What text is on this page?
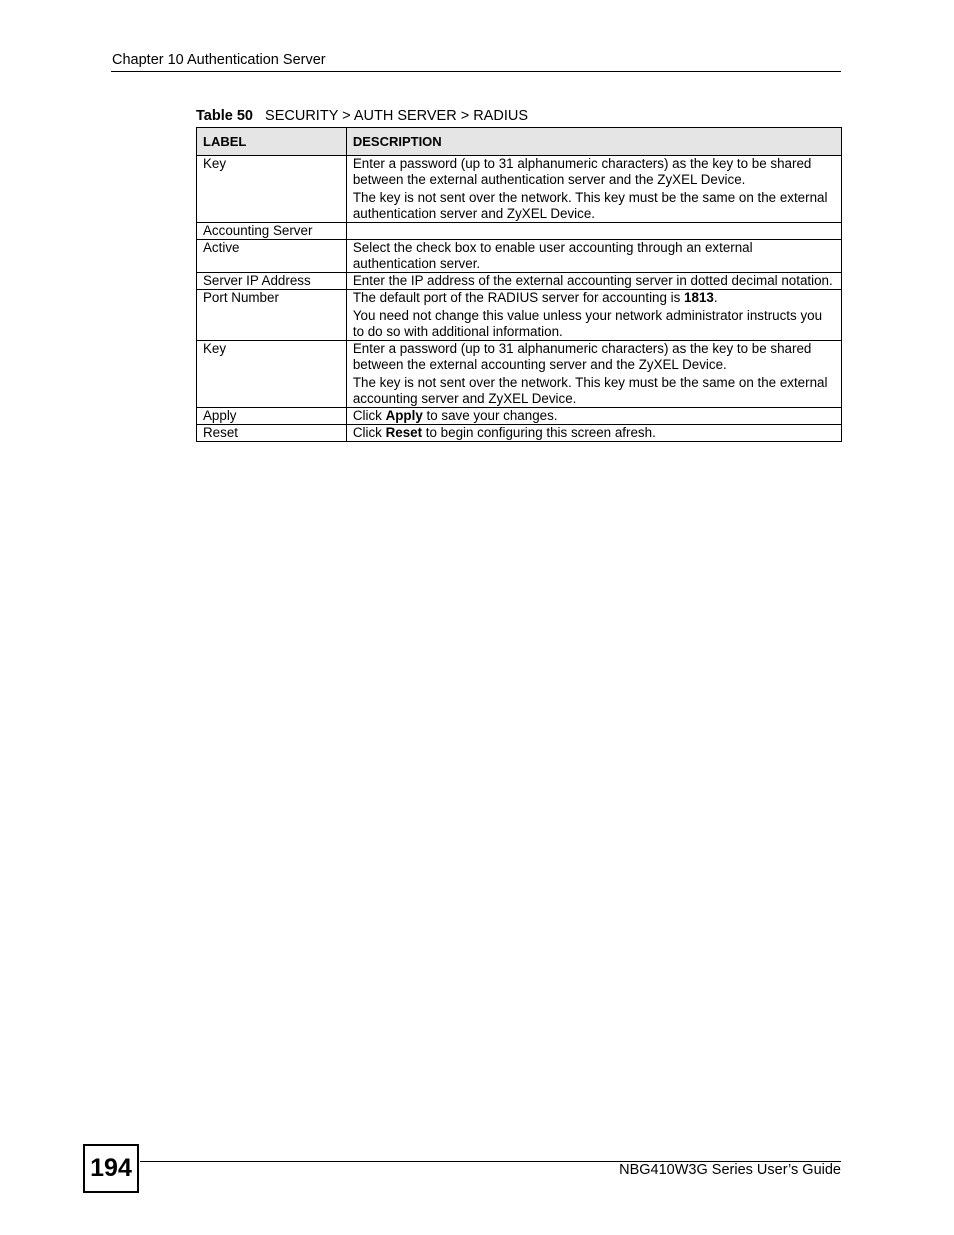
Chapter 10 Authentication Server
Table 50 SECURITY > AUTH SERVER > RADIUS
LABEL	DESCRIPTION
Key	Enter a password (up to 31 alphanumeric characters) as the key to be shared between the external authentication server and the ZyXEL Device.

The key is not sent over the network. This key must be the same on the external authentication server and ZyXEL Device.

Accounting Server	
Active	Select the check box to enable user accounting through an external authentication server.

Server IP Address	Enter the IP address of the external accounting server in dotted decimal notation.

Port Number	The default port of the RADIUS server for accounting is 1813.

You need not change this value unless your network administrator instructs you to do so with additional information.

Key	Enter a password (up to 31 alphanumeric characters) as the key to be shared between the external accounting server and the ZyXEL Device.

The key is not sent over the network. This key must be the same on the external accounting server and ZyXEL Device.

Apply	Click Apply to save your changes.

Reset	Click Reset to begin configuring this screen afresh.

194	NBG410W3G Series User’s Guide
